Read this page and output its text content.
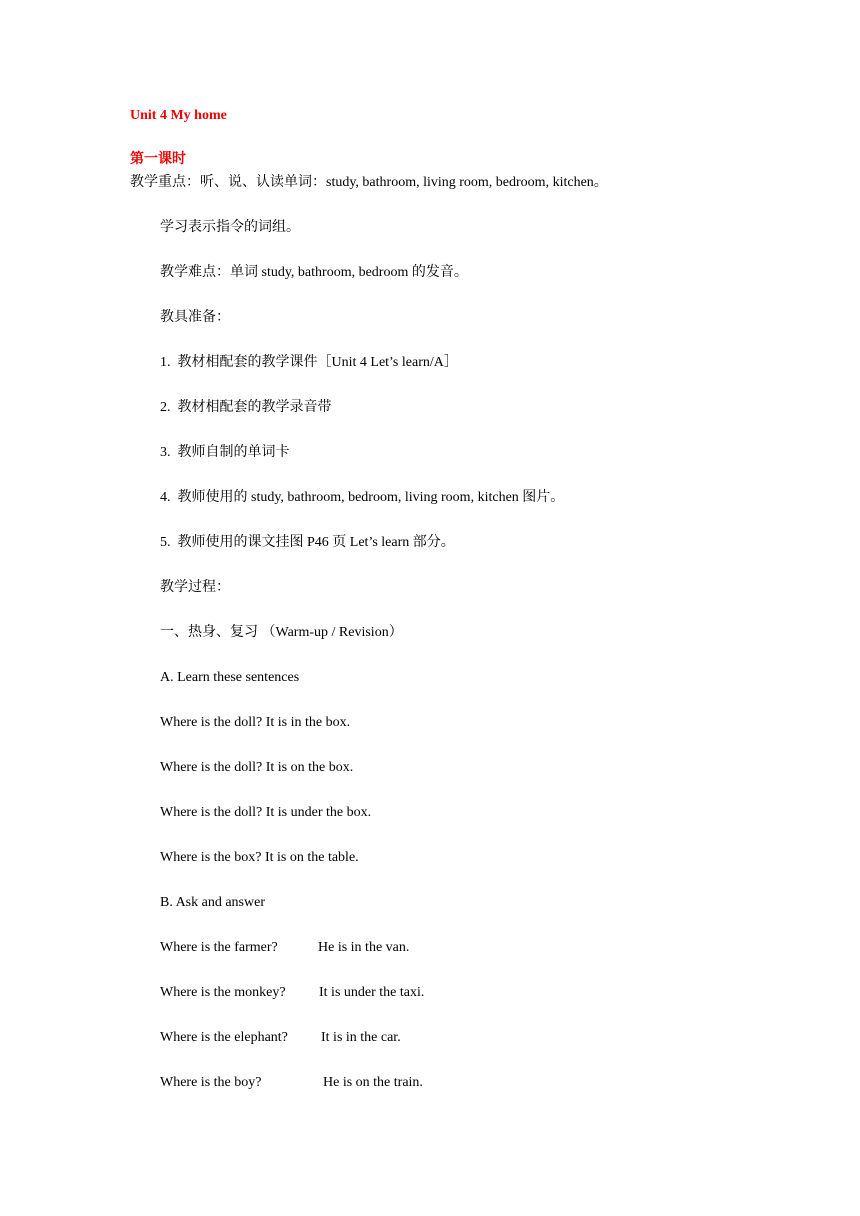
Unit 4 My home
第一课时
教学重点：听、说、认读单词：study, bathroom, living room, bedroom, kitchen。
学习表示指令的词组。
教学难点：单词 study, bathroom, bedroom 的发音。
教具准备：
1.  教材相配套的教学课件［Unit 4 Let’s learn/A］
2.  教材相配套的教学录音带
3.  教师自制的单词卡
4.  教师使用的 study, bathroom, bedroom, living room, kitchen 图片。
5.  教师使用的课文挂图 P46 页 Let’s learn 部分。
教学过程：
一、热身、复习 （Warm-up / Revision）
A. Learn these sentences
Where is the doll? It is in the box.
Where is the doll? It is on the box.
Where is the doll? It is under the box.
Where is the box? It is on the table.
B. Ask and answer
Where is the farmer?	He is in the van.
Where is the monkey? It is under the taxi.
Where is the elephant? It is in the car.
Where is the boy?	He is on the train.
